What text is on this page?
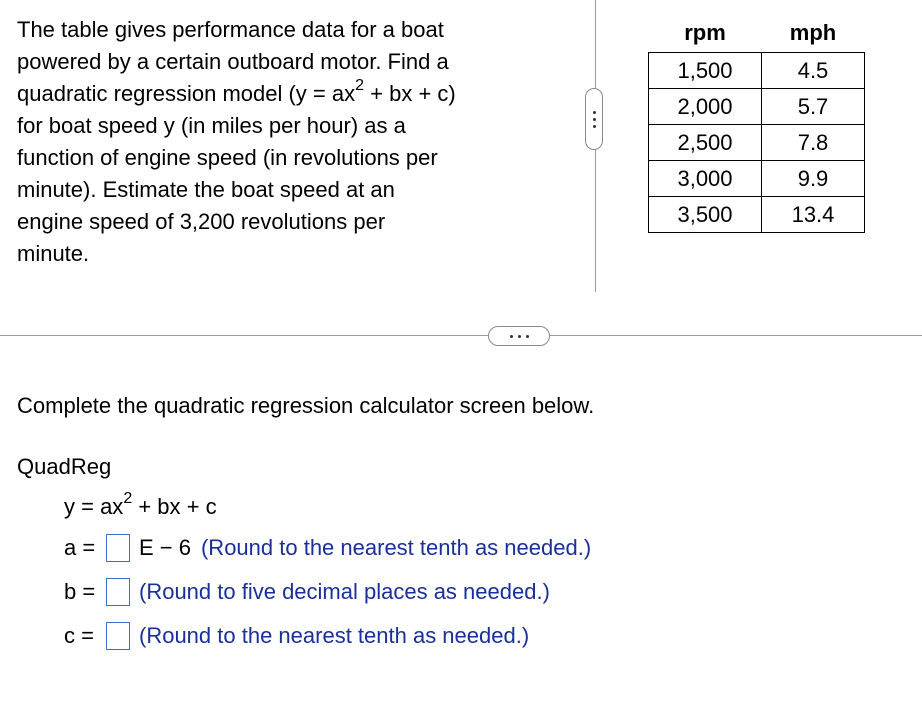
The table gives performance data for a boat
powered by a certain outboard motor. Find a
quadratic regression model ($y = ax^2$ + bx + c)
for boat speed y (in miles per hour) as a
function of engine speed (in revolutions per
minute). Estimate the boat speed at an
engine speed of 3,200 revolutions per
minute.
rpm	mph
1,500	4.5
2,000	5.7
2,500	7.8
3,000	9.9
3,500	13.4
Complete the quadratic regression calculator screen below.
QuadReg
$y = ax^2$ + bx + c
a =	E − 6 (Round to the nearest tenth as needed.)
b =	(Round to five decimal places as needed.)
c =	(Round to the nearest tenth as needed.)
